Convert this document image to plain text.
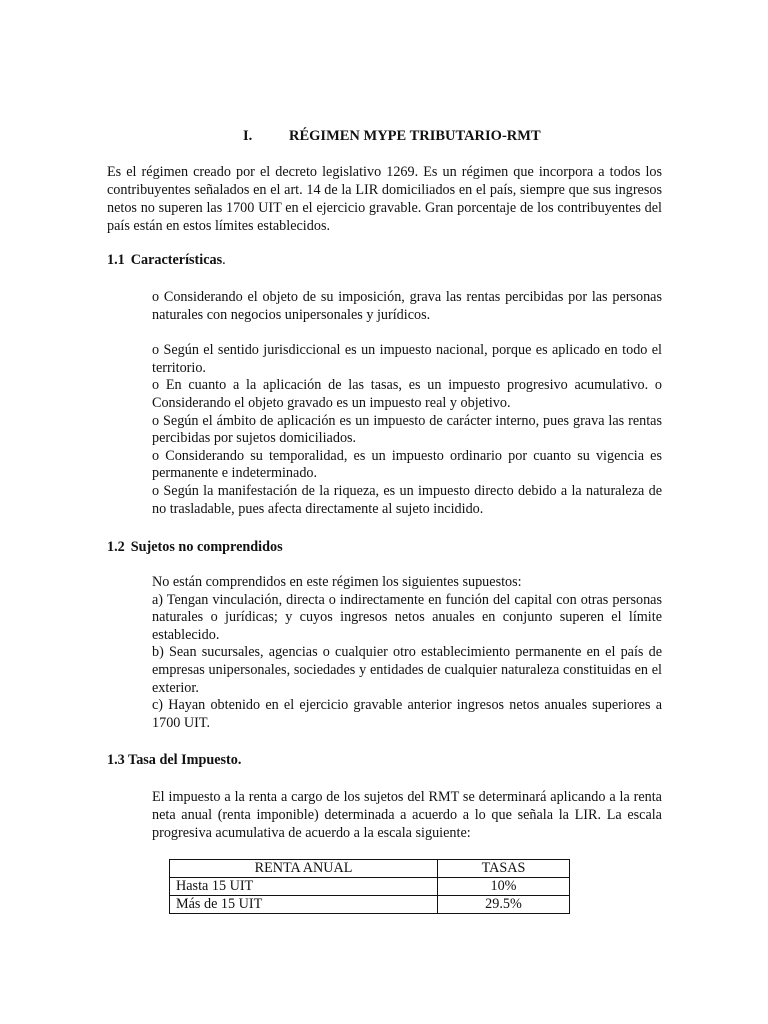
I.	RÉGIMEN MYPE TRIBUTARIO-RMT

Es el régimen creado por el decreto legislativo 1269. Es un régimen que incorpora a todos los contribuyentes señalados en el art. 14 de la LIR domiciliados en el país, siempre que sus ingresos netos no superen las 1700 UIT en el ejercicio gravable. Gran porcentaje de los contribuyentes del país están en estos límites establecidos.

1.1 Características.

o Considerando el objeto de su imposición, grava las rentas percibidas por las personas naturales con negocios unipersonales y jurídicos.

o Según el sentido jurisdiccional es un impuesto nacional, porque es aplicado en todo el territorio.

o En cuanto a la aplicación de las tasas, es un impuesto progresivo acumulativo. o Considerando el objeto gravado es un impuesto real y objetivo.

o Según el ámbito de aplicación es un impuesto de carácter interno, pues grava las rentas percibidas por sujetos domiciliados.

o Considerando su temporalidad, es un impuesto ordinario por cuanto su vigencia es permanente e indeterminado.

o Según la manifestación de la riqueza, es un impuesto directo debido a la naturaleza de no trasladable, pues afecta directamente al sujeto incidido.

1.2 Sujetos no comprendidos

No están comprendidos en este régimen los siguientes supuestos:

a) Tengan vinculación, directa o indirectamente en función del capital con otras personas naturales o jurídicas; y cuyos ingresos netos anuales en conjunto superen el límite establecido.

b) Sean sucursales, agencias o cualquier otro establecimiento permanente en el país de empresas unipersonales, sociedades y entidades de cualquier naturaleza constituidas en el exterior.

c) Hayan obtenido en el ejercicio gravable anterior ingresos netos anuales superiores a 1700 UIT.

1.3 Tasa del Impuesto.

El impuesto a la renta a cargo de los sujetos del RMT se determinará aplicando a la renta neta anual (renta imponible) determinada a acuerdo a lo que señala la LIR. La escala progresiva acumulativa de acuerdo a la escala siguiente:

RENTA ANUAL	TASAS
Hasta 15 UIT	10%
Más de 15 UIT	29.5%
